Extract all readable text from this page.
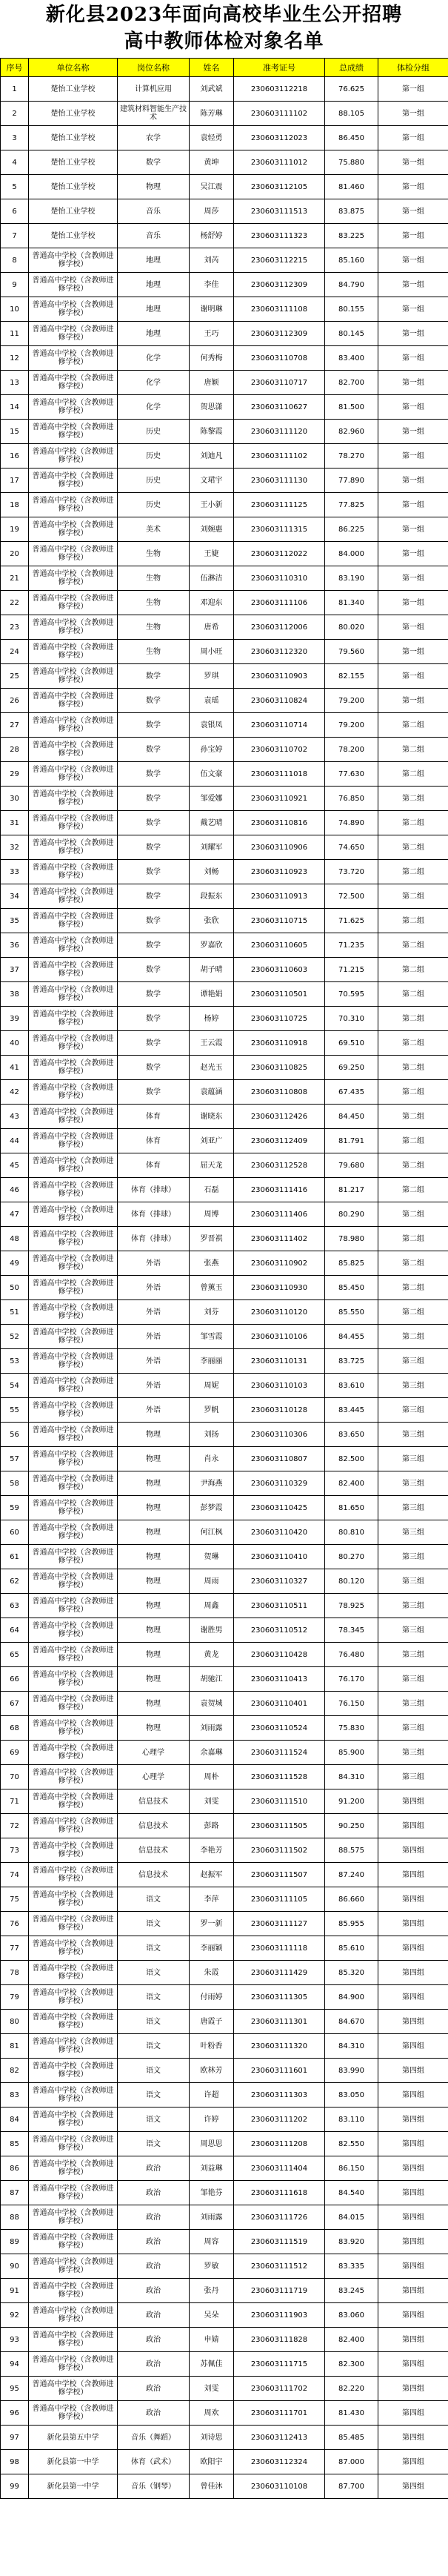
新化县2023年面向高校毕业生公开招聘
高中教师体检对象名单
序号	单位名称	岗位名称	姓名	准考证号	总成绩	体检分组
1	楚怡工业学校	计算机应用	刘武斌	230603112218	76.625	第一组
2	楚怡工业学校	建筑材料智能生产技术	陈芳琳	230603111102	88.105	第一组
3	楚怡工业学校	农学	袁轻勇	230603112023	86.450	第一组
4	楚怡工业学校	数学	黄坤	230603111012	75.880	第一组
5	楚怡工业学校	物理	吴江震	230603112105	81.460	第一组
6	楚怡工业学校	音乐	周莎	230603111513	83.875	第一组
7	楚怡工业学校	音乐	杨舒婷	230603111323	83.225	第一组
8	普通高中学校（含教师进修学校）	地理	刘芮	230603112215	85.160	第一组
9	普通高中学校（含教师进修学校）	地理	李佳	230603112309	84.790	第一组
10	普通高中学校（含教师进修学校）	地理	谢明琳	230603111108	80.155	第一组
11	普通高中学校（含教师进修学校）	地理	王巧	230603112309	80.145	第一组
12	普通高中学校（含教师进修学校）	化学	何秀梅	230603110708	83.400	第一组
13	普通高中学校（含教师进修学校）	化学	唐颖	230603110717	82.700	第一组
14	普通高中学校（含教师进修学校）	化学	贺思潇	230603110627	81.500	第一组
15	普通高中学校（含教师进修学校）	历史	陈黎霞	230603111120	82.960	第一组
16	普通高中学校（含教师进修学校）	历史	刘迪凡	230603111102	78.270	第一组
17	普通高中学校（含教师进修学校）	历史	文珺宇	230603111130	77.890	第一组
18	普通高中学校（含教师进修学校）	历史	王小新	230603111125	77.825	第一组
19	普通高中学校（含教师进修学校）	美术	刘婉惠	230603111315	86.225	第一组
20	普通高中学校（含教师进修学校）	生物	王婕	230603112022	84.000	第一组
21	普通高中学校（含教师进修学校）	生物	伍淋洁	230603110310	83.190	第一组
22	普通高中学校（含教师进修学校）	生物	邓迎东	230603111106	81.340	第一组
23	普通高中学校（含教师进修学校）	生物	唐希	230603112006	80.020	第一组
24	普通高中学校（含教师进修学校）	生物	周小旺	230603112320	79.560	第一组
25	普通高中学校（含教师进修学校）	数学	罗琪	230603110903	82.155	第一组
26	普通高中学校（含教师进修学校）	数学	袁瑶	230603110824	79.200	第一组
27	普通高中学校（含教师进修学校）	数学	袁银凤	230603110714	79.200	第二组
28	普通高中学校（含教师进修学校）	数学	孙宝婷	230603110702	78.200	第二组
29	普通高中学校（含教师进修学校）	数学	伍文豪	230603111018	77.630	第二组
30	普通高中学校（含教师进修学校）	数学	邹爱娜	230603110921	76.850	第二组
31	普通高中学校（含教师进修学校）	数学	戴艺晴	230603110816	74.890	第二组
32	普通高中学校（含教师进修学校）	数学	刘耀军	230603110906	74.650	第二组
33	普通高中学校（含教师进修学校）	数学	刘畅	230603110923	73.720	第二组
34	普通高中学校（含教师进修学校）	数学	段振东	230603110913	72.500	第二组
35	普通高中学校（含教师进修学校）	数学	张欣	230603110715	71.625	第二组
36	普通高中学校（含教师进修学校）	数学	罗嘉欣	230603110605	71.235	第二组
37	普通高中学校（含教师进修学校）	数学	胡子晴	230603110603	71.215	第二组
38	普通高中学校（含教师进修学校）	数学	谭艳娟	230603110501	70.595	第二组
39	普通高中学校（含教师进修学校）	数学	杨婷	230603110725	70.310	第二组
40	普通高中学校（含教师进修学校）	数学	王云霞	230603110918	69.510	第二组
41	普通高中学校（含教师进修学校）	数学	赵光玉	230603110825	69.250	第二组
42	普通高中学校（含教师进修学校）	数学	袁蕴涵	230603110808	67.435	第二组
43	普通高中学校（含教师进修学校）	体育	谢晓东	230603112426	84.450	第二组
44	普通高中学校（含教师进修学校）	体育	刘亚广	230603112409	81.791	第二组
45	普通高中学校（含教师进修学校）	体育	屈天龙	230603112528	79.680	第二组
46	普通高中学校（含教师进修学校）	体育（排球）	石磊	230603111416	81.217	第二组
47	普通高中学校（含教师进修学校）	体育（排球）	周博	230603111406	80.290	第二组
48	普通高中学校（含教师进修学校）	体育（排球）	罗晋祺	230603111402	78.980	第二组
49	普通高中学校（含教师进修学校）	外语	张燕	230603110902	85.825	第二组
50	普通高中学校（含教师进修学校）	外语	曾薰玉	230603110930	85.450	第二组
51	普通高中学校（含教师进修学校）	外语	刘芬	230603110120	85.550	第二组
52	普通高中学校（含教师进修学校）	外语	邹雪霞	230603110106	84.455	第二组
53	普通高中学校（含教师进修学校）	外语	李丽丽	230603110131	83.725	第三组
54	普通高中学校（含教师进修学校）	外语	周妮	230603110103	83.610	第三组
55	普通高中学校（含教师进修学校）	外语	罗帆	230603110128	83.445	第三组
56	普通高中学校（含教师进修学校）	物理	刘扬	230603110306	83.650	第三组
57	普通高中学校（含教师进修学校）	物理	肖永	230603110807	82.500	第三组
58	普通高中学校（含教师进修学校）	物理	尹海燕	230603110329	82.400	第三组
59	普通高中学校（含教师进修学校）	物理	彭梦霞	230603110425	81.650	第三组
60	普通高中学校（含教师进修学校）	物理	何江枫	230603110420	80.810	第三组
61	普通高中学校（含教师进修学校）	物理	贺琳	230603110410	80.270	第三组
62	普通高中学校（含教师进修学校）	物理	周雨	230603110327	80.120	第三组
63	普通高中学校（含教师进修学校）	物理	周鑫	230603110511	78.925	第三组
64	普通高中学校（含教师进修学校）	物理	谢胜男	230603110512	78.345	第三组
65	普通高中学校（含教师进修学校）	物理	黄龙	230603110428	76.480	第三组
66	普通高中学校（含教师进修学校）	物理	胡驰江	230603110413	76.170	第三组
67	普通高中学校（含教师进修学校）	物理	袁贺城	230603110401	76.150	第三组
68	普通高中学校（含教师进修学校）	物理	刘雨露	230603110524	75.830	第三组
69	普通高中学校（含教师进修学校）	心理学	余嘉琳	230603111524	85.900	第三组
70	普通高中学校（含教师进修学校）	心理学	周朴	230603111528	84.310	第三组
71	普通高中学校（含教师进修学校）	信息技术	刘雯	230603111510	91.200	第四组
72	普通高中学校（含教师进修学校）	信息技术	彭路	230603111505	90.250	第四组
73	普通高中学校（含教师进修学校）	信息技术	李艳芳	230603111502	88.575	第四组
74	普通高中学校（含教师进修学校）	信息技术	赵振军	230603111507	87.240	第四组
75	普通高中学校（含教师进修学校）	语文	李萍	230603111105	86.660	第四组
76	普通高中学校（含教师进修学校）	语文	罗一新	230603111127	85.955	第四组
77	普通高中学校（含教师进修学校）	语文	李丽颖	230603111118	85.610	第四组
78	普通高中学校（含教师进修学校）	语文	朱霞	230603111429	85.320	第四组
79	普通高中学校（含教师进修学校）	语文	付雨婷	230603111305	84.900	第四组
80	普通高中学校（含教师进修学校）	语文	唐霞子	230603111301	84.670	第四组
81	普通高中学校（含教师进修学校）	语文	叶粉香	230603111320	84.310	第四组
82	普通高中学校（含教师进修学校）	语文	欧林芳	230603111601	83.990	第四组
83	普通高中学校（含教师进修学校）	语文	许超	230603111303	83.050	第四组
84	普通高中学校（含教师进修学校）	语文	许婷	230603111202	83.110	第四组
85	普通高中学校（含教师进修学校）	语文	周思思	230603111208	82.550	第四组
86	普通高中学校（含教师进修学校）	政治	刘益琳	230603111404	86.150	第四组
87	普通高中学校（含教师进修学校）	政治	邹艳芬	230603111618	84.540	第四组
88	普通高中学校（含教师进修学校）	政治	刘雨露	230603111726	84.015	第四组
89	普通高中学校（含教师进修学校）	政治	周容	230603111519	83.920	第四组
90	普通高中学校（含教师进修学校）	政治	罗敏	230603111512	83.335	第四组
91	普通高中学校（含教师进修学校）	政治	张丹	230603111719	83.245	第四组
92	普通高中学校（含教师进修学校）	政治	吴朵	230603111903	83.060	第四组
93	普通高中学校（含教师进修学校）	政治	申婧	230603111828	82.400	第四组
94	普通高中学校（含教师进修学校）	政治	苏佩佳	230603111715	82.300	第四组
95	普通高中学校（含教师进修学校）	政治	刘雯	230603111702	82.220	第四组
96	普通高中学校（含教师进修学校）	政治	周欢	230603111701	81.430	第四组
97	新化县第五中学	音乐（舞蹈）	刘诗思	230603112413	85.485	第四组
98	新化县第一中学	体育（武术）	欧阳宇	230603112324	87.000	第四组
99	新化县第一中学	音乐（钢琴）	曾佳沐	230603110108	87.700	第四组
